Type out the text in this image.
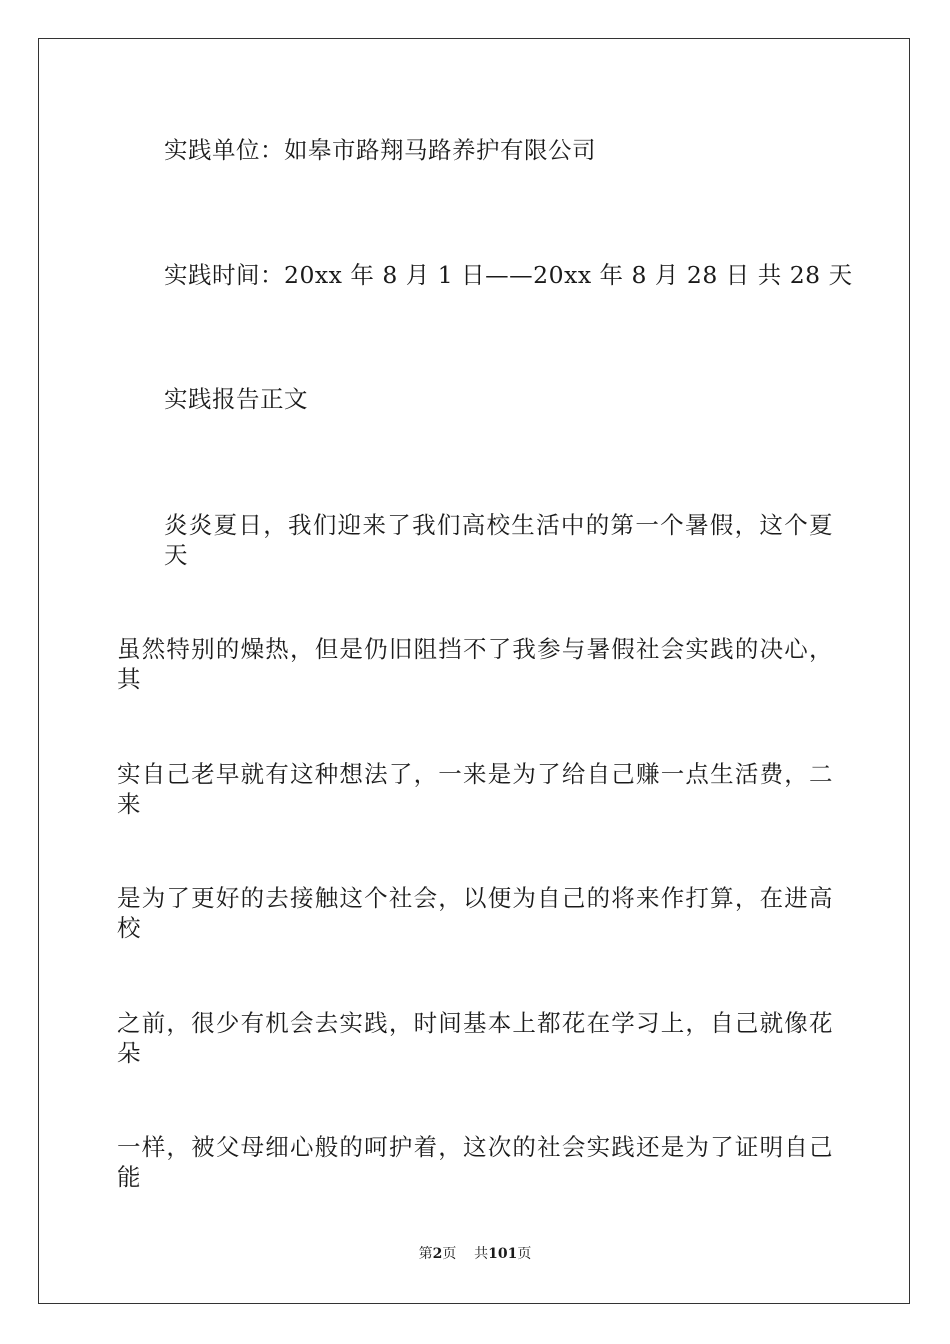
实践单位：如皋市路翔马路养护有限公司
实践时间：20xx 年 8 月 1 日——20xx 年 8 月 28 日 共 28 天
实践报告正文
炎炎夏日，我们迎来了我们高校生活中的第一个暑假，这个夏天
虽然特别的燥热，但是仍旧阻挡不了我参与暑假社会实践的决心，其
实自己老早就有这种想法了，一来是为了给自己赚一点生活费，二来
是为了更好的去接触这个社会，以便为自己的将来作打算，在进高校
之前，很少有机会去实践，时间基本上都花在学习上，自己就像花朵
一样，被父母细心般的呵护着，这次的社会实践还是为了证明自己能
第2页 共101页
